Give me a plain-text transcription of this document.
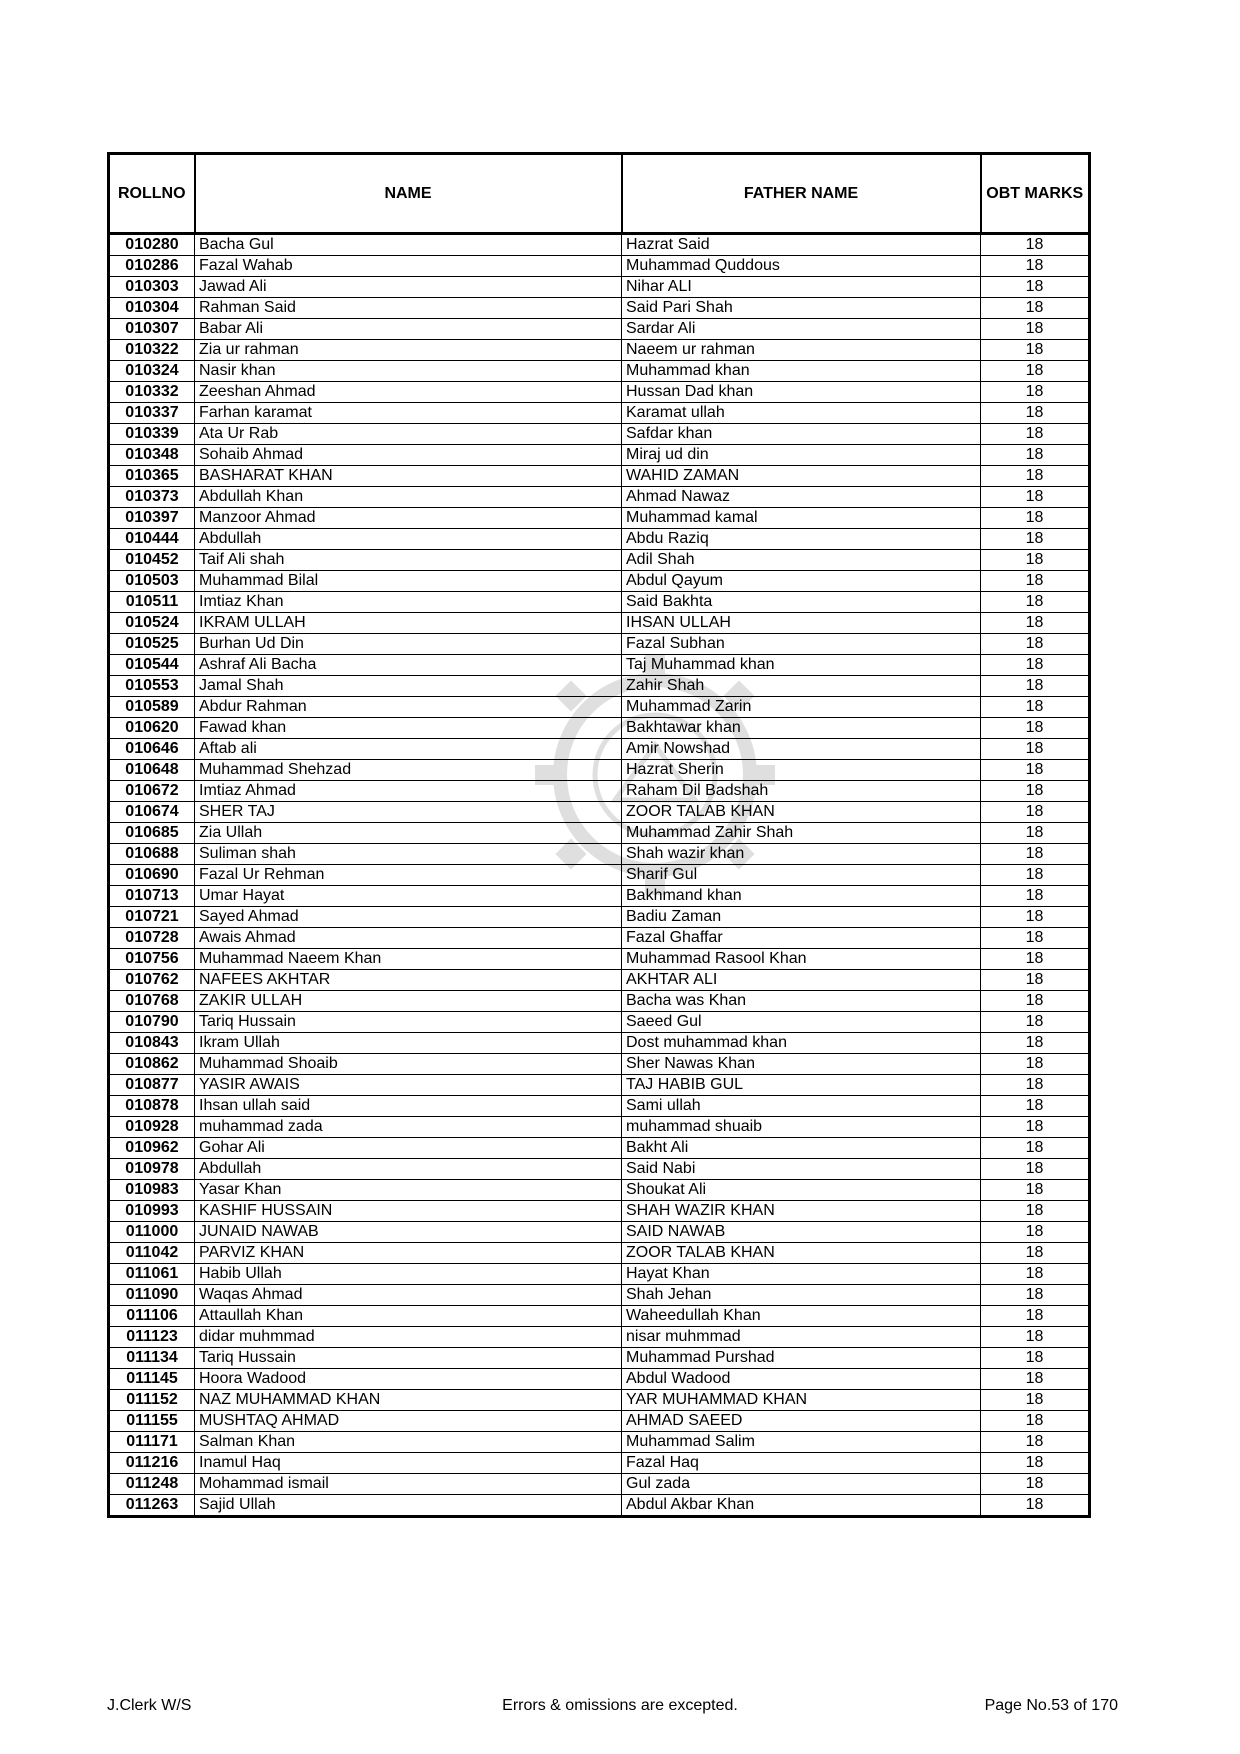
ROLLNO	NAME	FATHER NAME	OBT MARKS
010280	Bacha Gul	Hazrat Said	18
010286	Fazal Wahab	Muhammad Quddous	18
010303	Jawad Ali	Nihar ALI	18
010304	Rahman Said	Said Pari Shah	18
010307	Babar Ali	Sardar Ali	18
010322	Zia ur rahman	Naeem ur rahman	18
010324	Nasir khan	Muhammad khan	18
010332	Zeeshan Ahmad	Hussan Dad khan	18
010337	Farhan karamat	Karamat ullah	18
010339	Ata Ur Rab	Safdar khan	18
010348	Sohaib Ahmad	Miraj ud din	18
010365	BASHARAT KHAN	WAHID ZAMAN	18
010373	Abdullah Khan	Ahmad Nawaz	18
010397	Manzoor Ahmad	Muhammad kamal	18
010444	Abdullah	Abdu Raziq	18
010452	Taif Ali shah	Adil Shah	18
010503	Muhammad Bilal	Abdul Qayum	18
010511	Imtiaz Khan	Said Bakhta	18
010524	IKRAM ULLAH	IHSAN ULLAH	18
010525	Burhan Ud Din	Fazal Subhan	18
010544	Ashraf Ali Bacha	Taj Muhammad khan	18
010553	Jamal Shah	Zahir Shah	18
010589	Abdur Rahman	Muhammad Zarin	18
010620	Fawad khan	Bakhtawar khan	18
010646	Aftab ali	Amir Nowshad	18
010648	Muhammad Shehzad	Hazrat Sherin	18
010672	Imtiaz Ahmad	Raham Dil Badshah	18
010674	SHER TAJ	ZOOR TALAB KHAN	18
010685	Zia Ullah	Muhammad Zahir Shah	18
010688	Suliman shah	Shah wazir khan	18
010690	Fazal Ur Rehman	Sharif Gul	18
010713	Umar Hayat	Bakhmand khan	18
010721	Sayed Ahmad	Badiu Zaman	18
010728	Awais Ahmad	Fazal Ghaffar	18
010756	Muhammad Naeem Khan	Muhammad Rasool Khan	18
010762	NAFEES AKHTAR	AKHTAR ALI	18
010768	ZAKIR ULLAH	Bacha was Khan	18
010790	Tariq Hussain	Saeed Gul	18
010843	Ikram Ullah	Dost muhammad khan	18
010862	Muhammad Shoaib	Sher Nawas Khan	18
010877	YASIR AWAIS	TAJ HABIB GUL	18
010878	Ihsan ullah said	Sami ullah	18
010928	muhammad zada	muhammad shuaib	18
010962	Gohar Ali	Bakht Ali	18
010978	Abdullah	Said Nabi	18
010983	Yasar Khan	Shoukat Ali	18
010993	KASHIF HUSSAIN	SHAH WAZIR KHAN	18
011000	JUNAID NAWAB	SAID NAWAB	18
011042	PARVIZ KHAN	ZOOR TALAB KHAN	18
011061	Habib Ullah	Hayat Khan	18
011090	Waqas Ahmad	Shah Jehan	18
011106	Attaullah Khan	Waheedullah Khan	18
011123	didar muhmmad	nisar muhmmad	18
011134	Tariq Hussain	Muhammad Purshad	18
011145	Hoora Wadood	Abdul Wadood	18
011152	NAZ MUHAMMAD KHAN	YAR MUHAMMAD KHAN	18
011155	MUSHTAQ AHMAD	AHMAD SAEED	18
011171	Salman Khan	Muhammad Salim	18
011216	Inamul Haq	Fazal Haq	18
011248	Mohammad ismail	Gul zada	18
011263	Sajid Ullah	Abdul Akbar Khan	18
J.Clerk W/S	Errors & omissions are excepted.	Page No.53 of 170
